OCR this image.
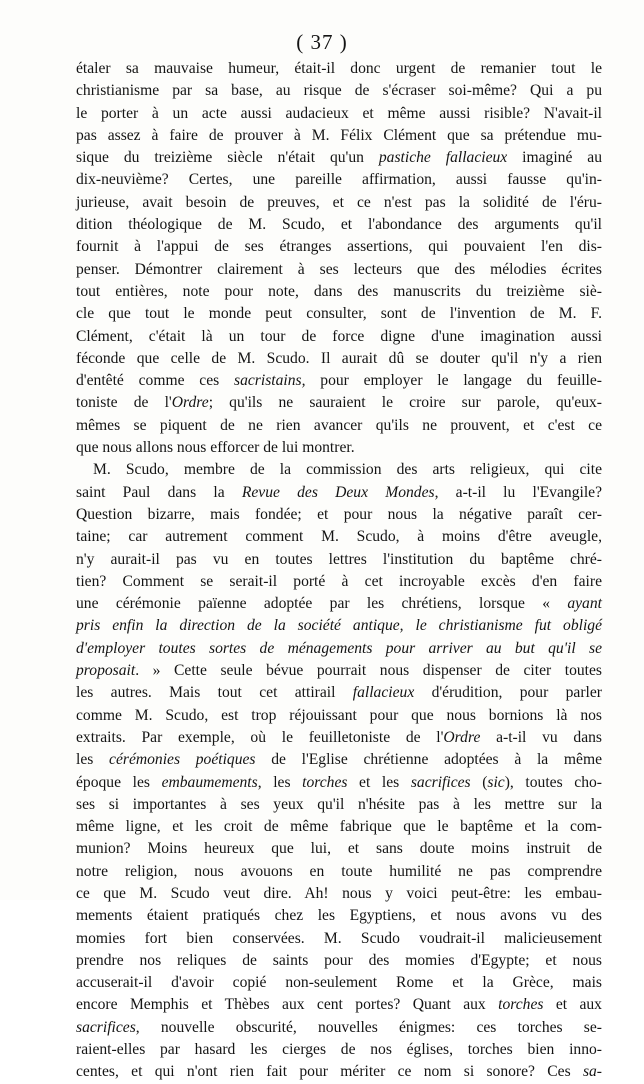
( 37 )
étaler sa mauvaise humeur, était-il donc urgent de remanier tout le
christianisme par sa base, au risque de s'écraser soi-même? Qui a pu
le porter à un acte aussi audacieux et même aussi risible? N'avait-il
pas assez à faire de prouver à M. Félix Clément que sa prétendue mu-
sique du treizième siècle n'était qu'un pastiche fallacieux imaginé au
dix-neuvième? Certes, une pareille affirmation, aussi fausse qu'in-
jurieuse, avait besoin de preuves, et ce n'est pas la solidité de l'éru-
dition théologique de M. Scudo, et l'abondance des arguments qu'il
fournit à l'appui de ses étranges assertions, qui pouvaient l'en dis-
penser. Démontrer clairement à ses lecteurs que des mélodies écrites
tout entières, note pour note, dans des manuscrits du treizième siè-
cle que tout le monde peut consulter, sont de l'invention de M. F.
Clément, c'était là un tour de force digne d'une imagination aussi
féconde que celle de M. Scudo. Il aurait dû se douter qu'il n'y a rien
d'entêté comme ces sacristains, pour employer le langage du feuille-
toniste de l'Ordre; qu'ils ne sauraient le croire sur parole, qu'eux-
mêmes se piquent de ne rien avancer qu'ils ne prouvent, et c'est ce
que nous allons nous efforcer de lui montrer.
M. Scudo, membre de la commission des arts religieux, qui cite
saint Paul dans la Revue des Deux Mondes, a-t-il lu l'Evangile?
Question bizarre, mais fondée; et pour nous la négative paraît cer-
taine; car autrement comment M. Scudo, à moins d'être aveugle,
n'y aurait-il pas vu en toutes lettres l'institution du baptême chré-
tien? Comment se serait-il porté à cet incroyable excès d'en faire
une cérémonie païenne adoptée par les chrétiens, lorsque « ayant
pris enfin la direction de la société antique, le christianisme fut obligé
d'employer toutes sortes de ménagements pour arriver au but qu'il se
proposait. » Cette seule bévue pourrait nous dispenser de citer toutes
les autres. Mais tout cet attirail fallacieux d'érudition, pour parler
comme M. Scudo, est trop réjouissant pour que nous bornions là nos
extraits. Par exemple, où le feuilletoniste de l'Ordre a-t-il vu dans
les cérémonies poétiques de l'Eglise chrétienne adoptées à la même
époque les embaumements, les torches et les sacrifices (sic), toutes cho-
ses si importantes à ses yeux qu'il n'hésite pas à les mettre sur la
même ligne, et les croit de même fabrique que le baptême et la com-
munion? Moins heureux que lui, et sans doute moins instruit de
notre religion, nous avouons en toute humilité ne pas comprendre
ce que M. Scudo veut dire. Ah! nous y voici peut-être: les embau-
mements étaient pratiqués chez les Egyptiens, et nous avons vu des
momies fort bien conservées. M. Scudo voudrait-il malicieusement
prendre nos reliques de saints pour des momies d'Egypte; et nous
accuserait-il d'avoir copié non-seulement Rome et la Grèce, mais
encore Memphis et Thèbes aux cent portes? Quant aux torches et aux
sacrifices, nouvelle obscurité, nouvelles énigmes: ces torches se-
raient-elles par hasard les cierges de nos églises, torches bien inno-
centes, et qui n'ont rien fait pour mériter ce nom si sonore? Ces sa-
